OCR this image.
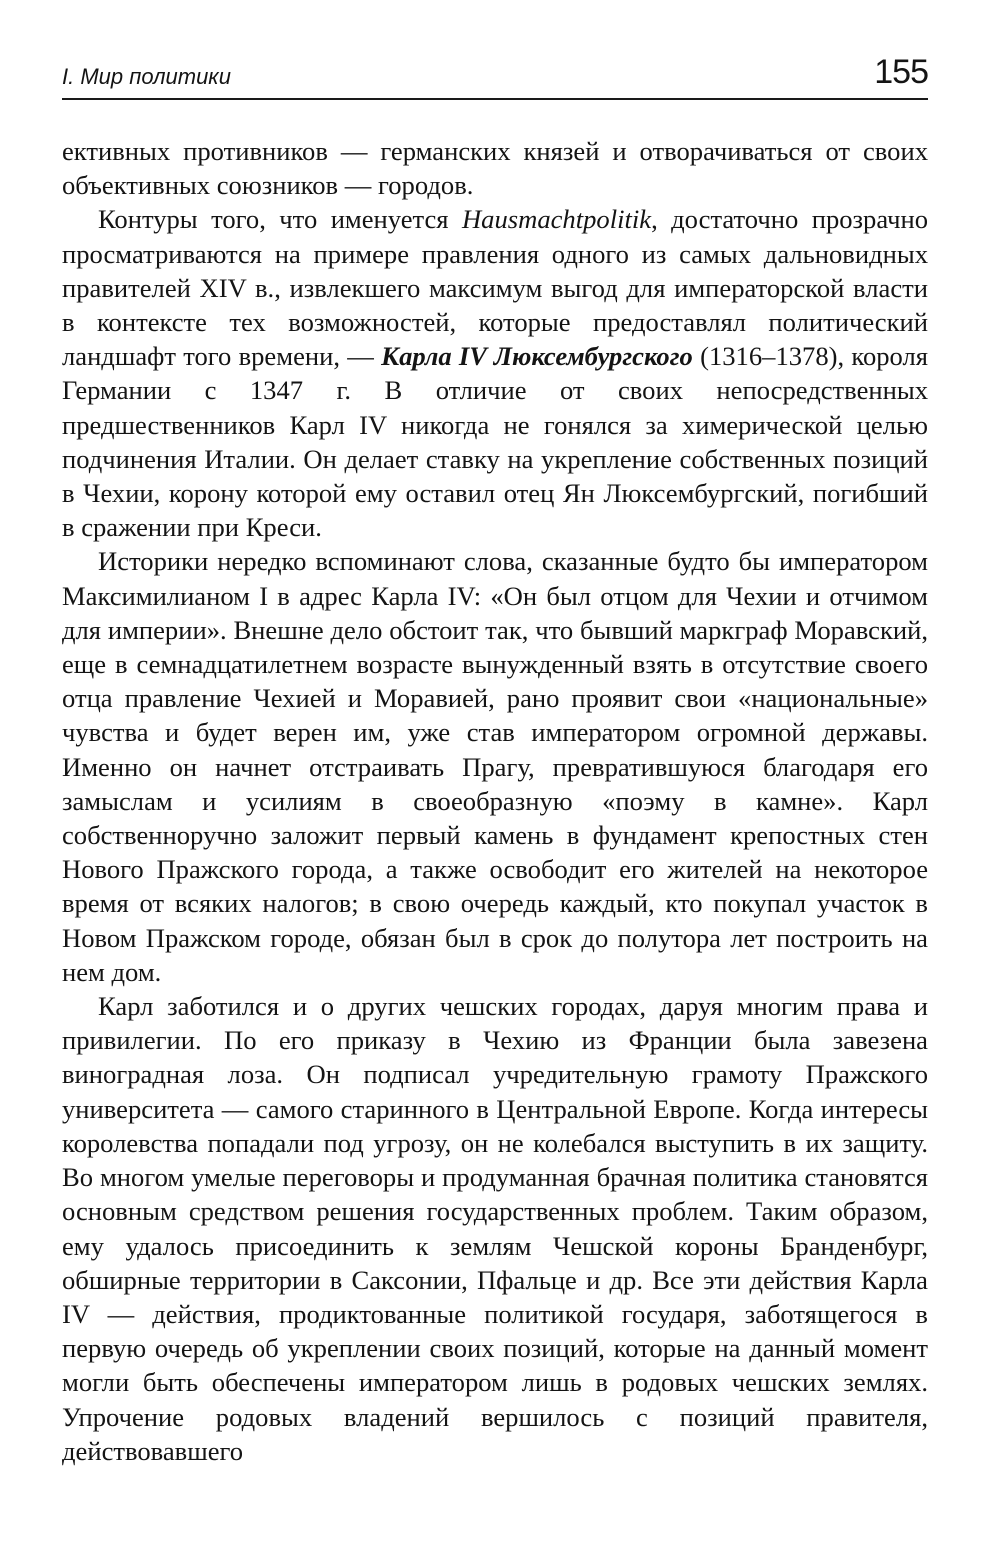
I. Мир политики	155

ективных противников — германских князей и отворачиваться от своих объективных союзников — городов.

Контуры того, что именуется Hausmachtpolitik, достаточно прозрачно просматриваются на примере правления одного из самых дальновидных правителей XIV в., извлекшего максимум выгод для императорской власти в контексте тех возможностей, которые предоставлял политический ландшафт того времени, — Карла IV Люксембургского (1316–1378), короля Германии с 1347 г. В отличие от своих непосредственных предшественников Карл IV никогда не гонялся за химерической целью подчинения Италии. Он делает ставку на укрепление собственных позиций в Чехии, корону которой ему оставил отец Ян Люксембургский, погибший в сражении при Креси.

Историки нередко вспоминают слова, сказанные будто бы императором Максимилианом I в адрес Карла IV: «Он был отцом для Чехии и отчимом для империи». Внешне дело обстоит так, что бывший маркграф Моравский, еще в семнадцатилетнем возрасте вынужденный взять в отсутствие своего отца правление Чехией и Моравией, рано проявит свои «национальные» чувства и будет верен им, уже став императором огромной державы. Именно он начнет отстраивать Прагу, превратившуюся благодаря его замыслам и усилиям в своеобразную «поэму в камне». Карл собственноручно заложит первый камень в фундамент крепостных стен Нового Пражского города, а также освободит его жителей на некоторое время от всяких налогов; в свою очередь каждый, кто покупал участок в Новом Пражском городе, обязан был в срок до полутора лет построить на нем дом.

Карл заботился и о других чешских городах, даруя многим права и привилегии. По его приказу в Чехию из Франции была завезена виноградная лоза. Он подписал учредительную грамоту Пражского университета — самого старинного в Центральной Европе. Когда интересы королевства попадали под угрозу, он не колебался выступить в их защиту. Во многом умелые переговоры и продуманная брачная политика становятся основным средством решения государственных проблем. Таким образом, ему удалось присоединить к землям Чешской короны Бранденбург, обширные территории в Саксонии, Пфальце и др. Все эти действия Карла IV — действия, продиктованные политикой государя, заботящегося в первую очередь об укреплении своих позиций, которые на данный момент могли быть обеспечены императором лишь в родовых чешских землях. Упрочение родовых владений вершилось с позиций правителя, действовавшего
